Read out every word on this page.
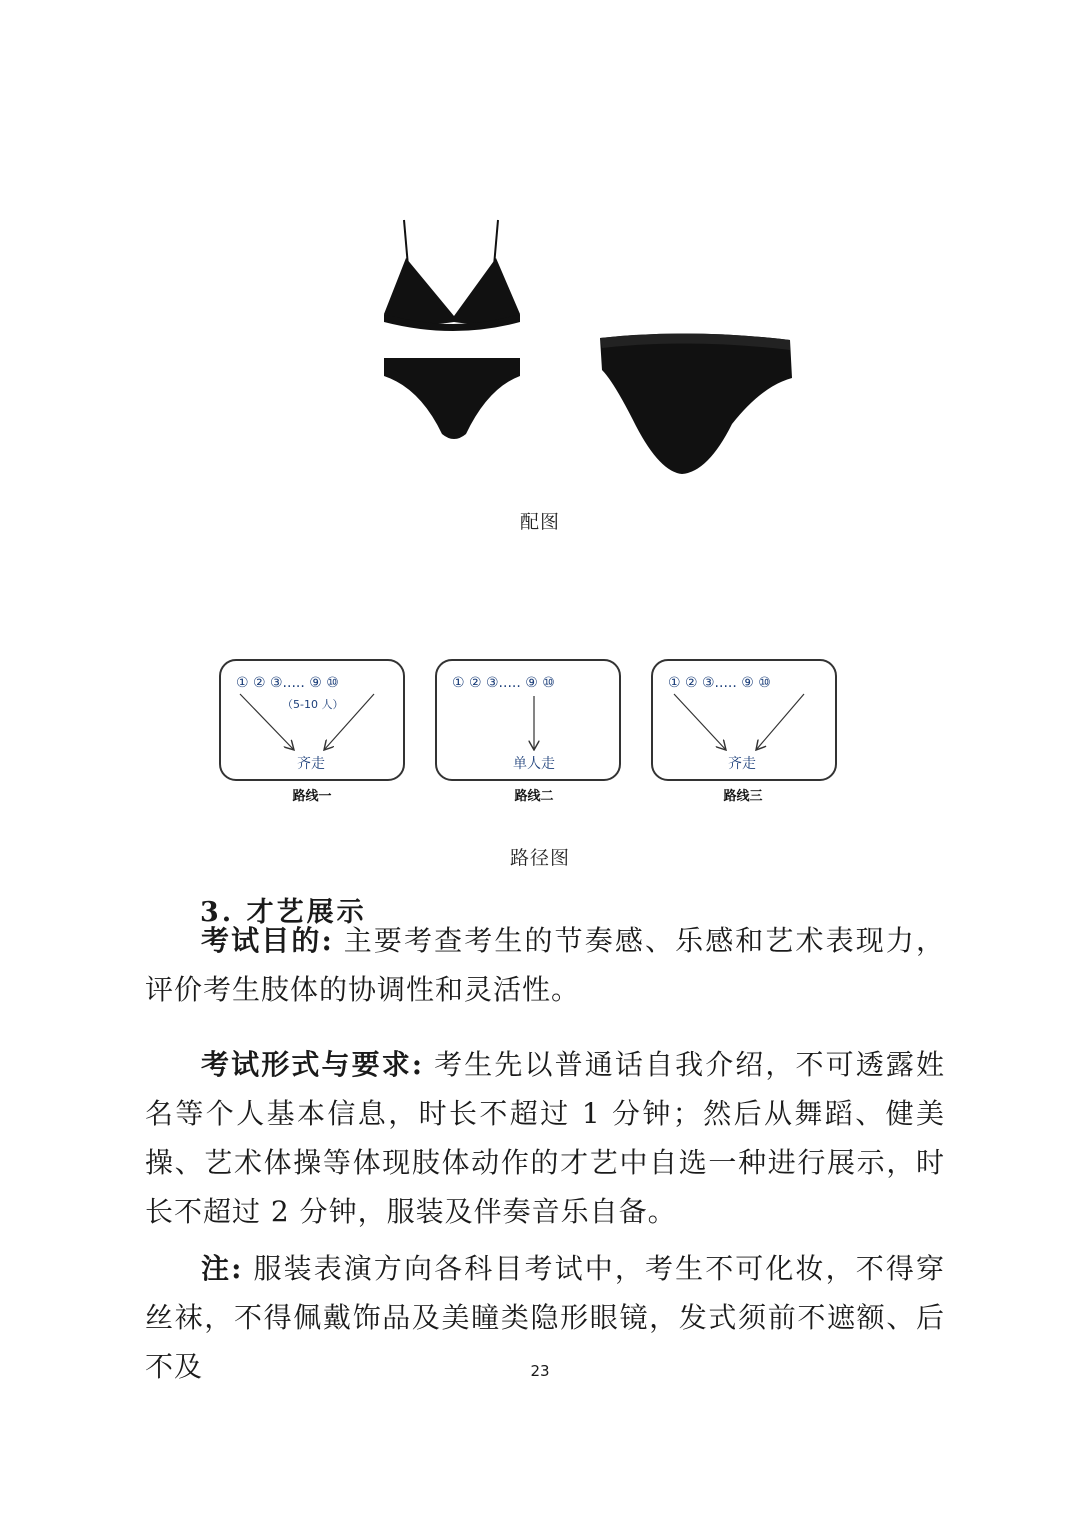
配图
① ② ③..... ⑨ ⑩
（5-10 人）
齐走
路线一
① ② ③..... ⑨ ⑩
单人走
路线二
① ② ③..... ⑨ ⑩
齐走
路线三
路径图
3. 才艺展示

考试目的: 主要考查考生的节奏感、乐感和艺术表现力，评价考生肢体的协调性和灵活性。

考试形式与要求: 考生先以普通话自我介绍，不可透露姓名等个人基本信息，时长不超过 1 分钟；然后从舞蹈、健美操、艺术体操等体现肢体动作的才艺中自选一种进行展示，时长不超过 2 分钟，服装及伴奏音乐自备。

注: 服装表演方向各科目考试中，考生不可化妆，不得穿丝袜，不得佩戴饰品及美瞳类隐形眼镜，发式须前不遮额、后不及	23
